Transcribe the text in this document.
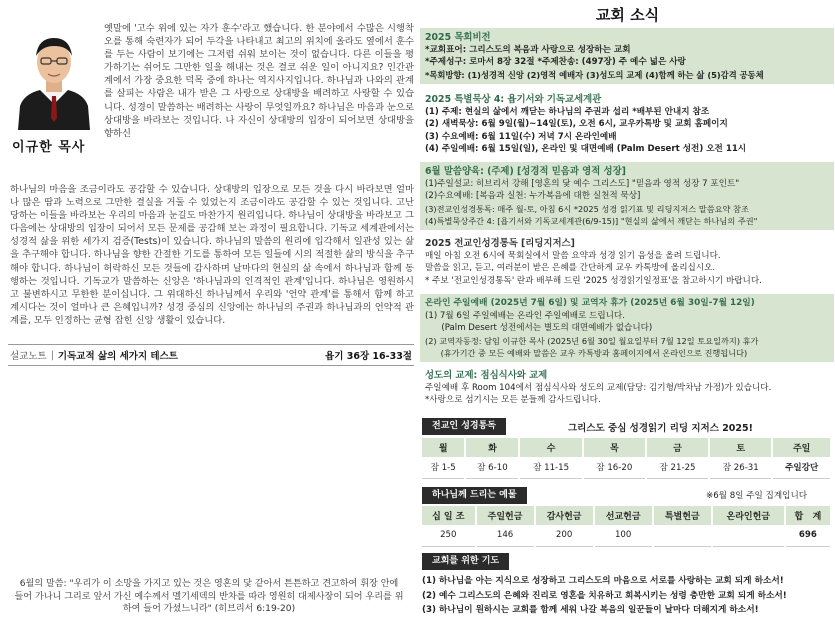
이규한 목사
옛말에 '고수 위에 있는 자가 훈수'라고 했습니다. 한 분야에서 수많은 시행착오를 통해 숙련자가 되어 두각을 나타내고 최고의 위치에 올라도 옆에서 훈수를 두는 사람이 보기에는 그저럼 쉬워 보이는 것이 없습니다. 다른 이들을 평가하기는 쉬어도 그만한 일을 해내는 것은 결코 쉬운 일이 아니지요? 인간관계에서 가장 중요한 덕목 중에 하나는 역지사지입니다. 하나님과 나와의 관계를 살피는 사람은 내가 받은 그 사랑으로 상대방을 배려하고 사랑할 수 있습니다. 성경이 말씀하는 배려하는 사랑이 무엇일까요? 하나님은 마음과 눈으로 상대방을 바라보는 것입니다. 나 자신이 상대방의 입장이 되어보면 상대방을 향하신
하나님의 마음을 조금이라도 공감할 수 있습니다. 상대방의 입장으로 모든 것을 다시 바라보면 얼마나 많은 땀과 노력으로 그만한 결실을 거둘 수 있었는지 조금이라도 공감할 수 있는 것입니다. 고난 당하는 이들을 바라보는 우리의 마음과 눈길도 마찬가지 원리입니다. 하나님이 상대방을 바라보고 그 다음에는 상대방의 입장이 되어서 모든 문제를 공감해 보는 과정이 필요합니다. 기독교 세계관에서는 성경적 삶을 위한 세가지 검증(Tests)이 있습니다. 하나님의 말씀의 원리에 입각해서 일관성 있는 삶을 추구해야 합니다. 하나님을 향한 간절한 기도를 통하여 모든 일들에 시의 적절한 삶의 방식을 추구해야 합니다. 하나님이 허락하신 모든 것들에 감사하며 날마다의 현실의 삶 속에서 하나님과 함께 동행하는 것입니다. 기독교가 말씀하는 신앙은 '하나님과의 인격적인 관계'입니다. 하나님은 영원하시고 불변하시고 무한한 분이십니다. 그 위대하신 하나님께서 우리와 '언약 관계'를 통해서 함께 하고 계시다는 것이 얼마나 큰 은혜입니까? 성경 중심의 신앙에는 하나님의 주권과 하나님과의 언약적 관계를, 모두 인정하는 균형 잡힌 신앙 생활이 있습니다.
설교노트 | 기독교적 삶의 세가지 테스트	욥기 36장 16-33절
6월의 말씀: "우리가 이 소망을 가지고 있는 것은 영혼의 닻 같아서 튼튼하고 견고하여 휘장 안에 들어 가나니 그리로 앞서 가신 예수께서 멜기세덱의 반차를 따라 영원히 대제사장이 되어 우리를 위하여 들어 가셨느니라" (히브리서 6:19-20)
교회 소식
2025 목회비전
*교회표어: 그리스도의 복음과 사랑으로 성장하는 교회
*주제성구: 로마서 8장 32절 *주제찬송: (497장) 주 예수 넓은 사랑
*목회방향: (1)성경적 신앙 (2)영적 예배자 (3)성도의 교제 (4)함께 하는 삶 (5)감격 공동체
2025 특별묵상 4: 욥기서와 기독교세계관
(1) 주제: 현실의 삶에서 깨닫는 하나님의 주권과 섭리 *배부된 안내지 참조
(2) 새벽묵상: 6월 9일(월)~14일(토), 오전 6시, 교우카톡방 및 교회 홈페이지
(3) 수요예배: 6월 11일(수) 저녁 7시 온라인예배
(4) 주일예배: 6월 15일(일), 온라인 및 대면예배 (Palm Desert 성전) 오전 11시
6월 말씀양육: (주제) [성경적 믿음과 영적 성장]
(1)주일설교: 히브리서 강해 [영혼의 닻 예수 그리스도] "믿음과 영적 성장 7 포인트"
(2)수요예배: [복음과 실천: 누가복음에 대한 실천적 묵상]
(3)전교인성경통독: 매주 월-토, 아침 6시 *2025 성경 읽기표 및 리딩지저스 말씀요약 참조
(4)특별묵상주간 4: [욥기서와 기독교세계관(6/9-15)] "현실의 삶에서 깨닫는 하나님의 주권"
2025 전교인성경통독 [리딩지저스]
매일 아침 오전 6시에 묵회실에서 말씀 요약과 성경 읽기 음성을 올려 드립니다.
말씀을 읽고, 듣고, 여러분이 받은 은혜를 간단하게 교우 카톡방에 올리십시오.
* 주보 '전교인성경통독' 란과 배부해 드린 '2025 성경읽기일정표'을 참고하시기 바랍니다.
온라인 주일예배 (2025년 7월 6일) 및 교역자 휴가 (2025년 6월 30일-7월 12일)
(1) 7월 6일 주일예배는 온라인 주일예배로 드립니다.
(Palm Desert 성전에서는 별도의 대면예배가 없습니다)
(2) 교역자동정: 담임 이규한 목사 (2025년 6월 30일 월요일부터 7월 12일 토요일까지) 휴가
(휴가기간 중 모든 예배와 말씀은 교우 카톡방과 홈페이지에서 온라인으로 진행됩니다)
성도의 교제: 점심식사와 교제
주일예배 후 Room 104에서 점심식사와 성도의 교제(담당: 김기형/박차남 가정)가 있습니다.
*사랑으로 섬기시는 모든 분들께 감사드립니다.
전교인 성경통독	그리스도 중심 성경읽기 리딩 지저스 2025!
월	화	수	목	금	토	주일
잠 1-5	잠 6-10	잠 11-15	잠 16-20	잠 21-25	잠 26-31	주일강단
하나님께 드리는 예물	※6월 8일 주일 집계입니다
십 일 조	주일헌금	감사헌금	선교헌금	특별헌금	온라인헌금	합   계
250	146	200	100			696
교회를 위한 기도
(1) 하나님을 아는 지식으로 성장하고 그리스도의 마음으로 서로를 사랑하는 교회 되게 하소서!
(2) 예수 그리스도의 은혜와 진리로 영혼을 치유하고 회복시키는 성령 충만한 교회 되게 하소서!
(3) 하나님이 원하시는 교회를 함께 세워 나갈 복음의 일꾼들이 날마다 더해지게 하소서!
